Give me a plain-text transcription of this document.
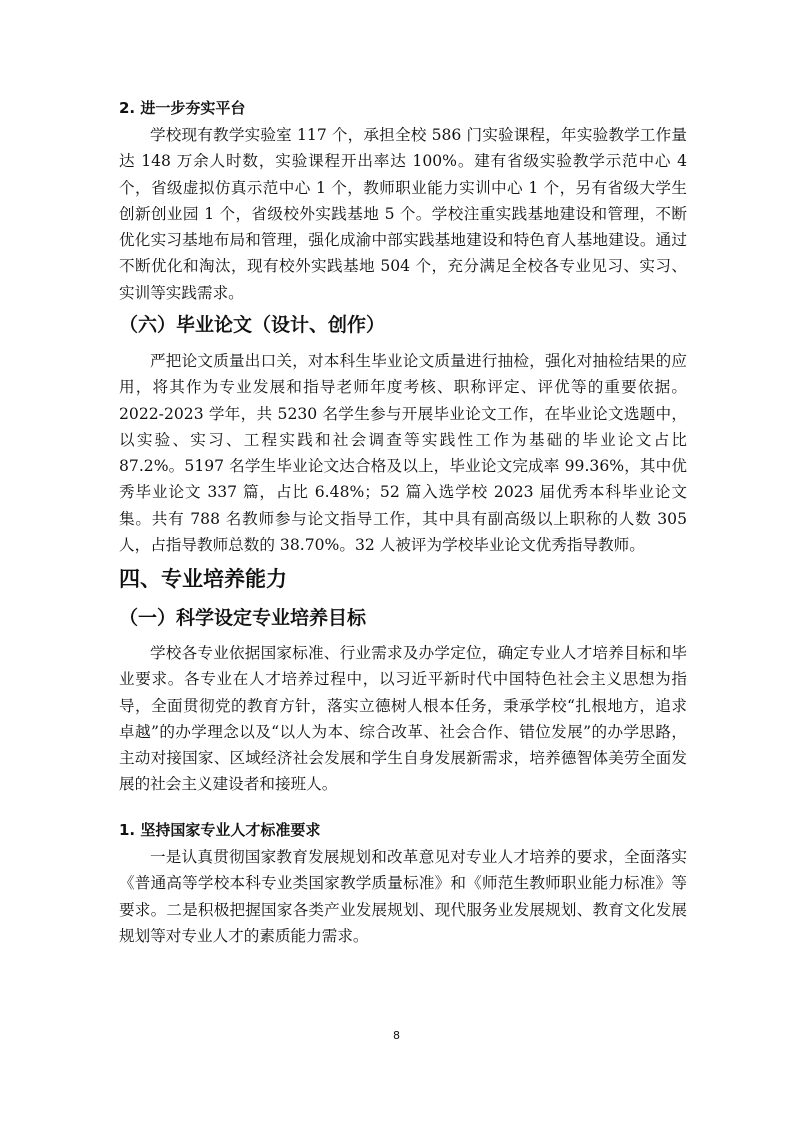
2. 进一步夯实平台

学校现有教学实验室 117 个，承担全校 586 门实验课程，年实验教学工作量达 148 万余人时数，实验课程开出率达 100%。建有省级实验教学示范中心 4 个，省级虚拟仿真示范中心 1 个，教师职业能力实训中心 1 个，另有省级大学生创新创业园 1 个，省级校外实践基地 5 个。学校注重实践基地建设和管理，不断优化实习基地布局和管理，强化成渝中部实践基地建设和特色育人基地建设。通过不断优化和淘汰，现有校外实践基地 504 个，充分满足全校各专业见习、实习、实训等实践需求。

（六）毕业论文（设计、创作）

严把论文质量出口关，对本科生毕业论文质量进行抽检，强化对抽检结果的应用，将其作为专业发展和指导老师年度考核、职称评定、评优等的重要依据。2022-2023 学年，共 5230 名学生参与开展毕业论文工作，在毕业论文选题中，以实验、实习、工程实践和社会调查等实践性工作为基础的毕业论文占比 87.2%。5197 名学生毕业论文达合格及以上，毕业论文完成率 99.36%，其中优秀毕业论文 337 篇，占比 6.48%；52 篇入选学校 2023 届优秀本科毕业论文集。共有 788 名教师参与论文指导工作，其中具有副高级以上职称的人数 305 人，占指导教师总数的 38.70%。32 人被评为学校毕业论文优秀指导教师。

四、专业培养能力
（一）科学设定专业培养目标

学校各专业依据国家标准、行业需求及办学定位，确定专业人才培养目标和毕业要求。各专业在人才培养过程中，以习近平新时代中国特色社会主义思想为指导，全面贯彻党的教育方针，落实立德树人根本任务，秉承学校“扎根地方，追求卓越”的办学理念以及“以人为本、综合改革、社会合作、错位发展”的办学思路，主动对接国家、区域经济社会发展和学生自身发展新需求，培养德智体美劳全面发展的社会主义建设者和接班人。

1. 坚持国家专业人才标准要求

一是认真贯彻国家教育发展规划和改革意见对专业人才培养的要求，全面落实《普通高等学校本科专业类国家教学质量标准》和《师范生教师职业能力标准》等要求。二是积极把握国家各类产业发展规划、现代服务业发展规划、教育文化发展规划等对专业人才的素质能力需求。

8
